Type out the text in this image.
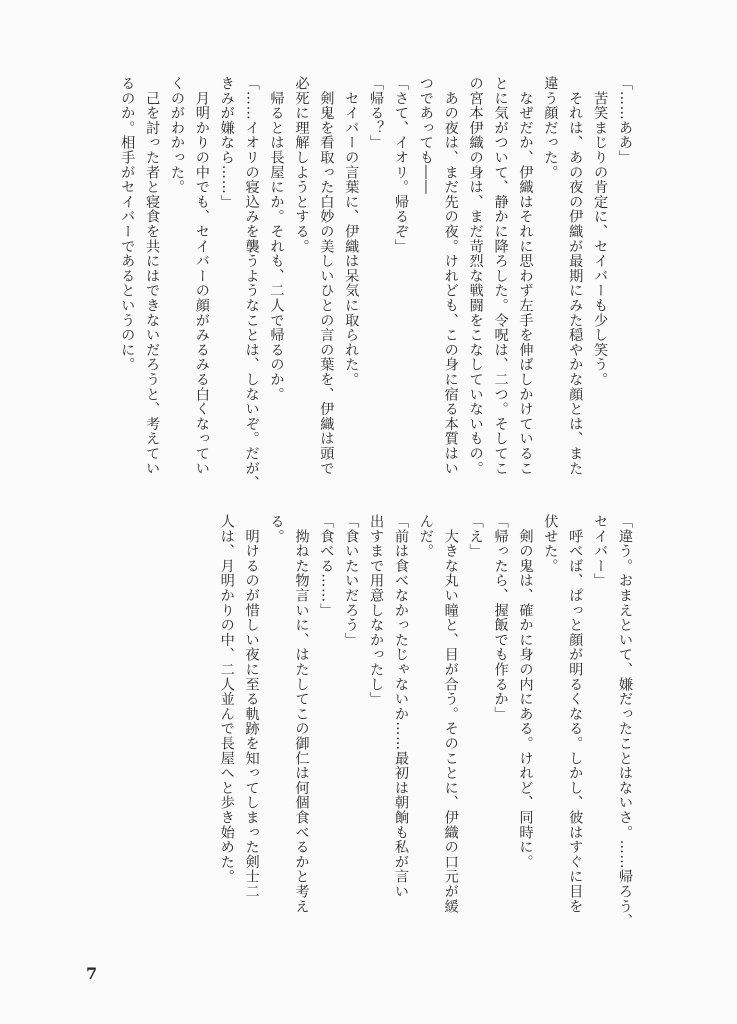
「……ああ」
　苦笑まじりの肯定に、セイバーも少し笑う。
　それは、あの夜の伊織が最期にみた穏やかな顔とは、また
違う顔だった。
　なぜだか、伊織はそれに思わず左手を伸ばしかけているこ
とに気がついて、静かに降ろした。令呪は、二つ。そしてこ
の宮本伊織の身は、まだ苛烈な戦闘をこなしていないもの。
　あの夜は、まだ先の夜。けれども、この身に宿る本質はい
つであっても――
「さて、イオリ。帰るぞ」
「帰る？」
　セイバーの言葉に、伊織は呆気に取られた。
　剣鬼を看取った白妙の美しいひとの言の葉を、伊織は頭で
必死に理解しようとする。
　帰るとは長屋にか。それも、二人で帰るのか。
「……イオリの寝込みを襲うようなことは、しないぞ。だが、
きみが嫌なら……」
　月明かりの中でも、セイバーの顔がみるみる白くなってい
くのがわかった。
　己を討った者と寝食を共にはできないだろうと、考えてい
るのか。相手がセイバーであるというのに。
「違う。おまえといて、嫌だったことはないさ。……帰ろう、
セイバー」
　呼べば、ぱっと顔が明るくなる。しかし、彼はすぐに目を
伏せた。
　剣の鬼は、確かに身の内にある。けれど、同時に。
「帰ったら、握飯でも作るか」
「え」
　大きな丸い瞳と、目が合う。そのことに、伊織の口元が緩
んだ。
「前は食べなかったじゃないか……最初は朝餉も私が言い
出すまで用意しなかったし」
「食いたいだろう」
「食べる……」
　拗ねた物言いに、はたしてこの御仁は何個食べるかと考え
る。
　明けるのが惜しい夜に至る軌跡を知ってしまった剣士二
人は、月明かりの中、二人並んで長屋へと歩き始めた。
7
